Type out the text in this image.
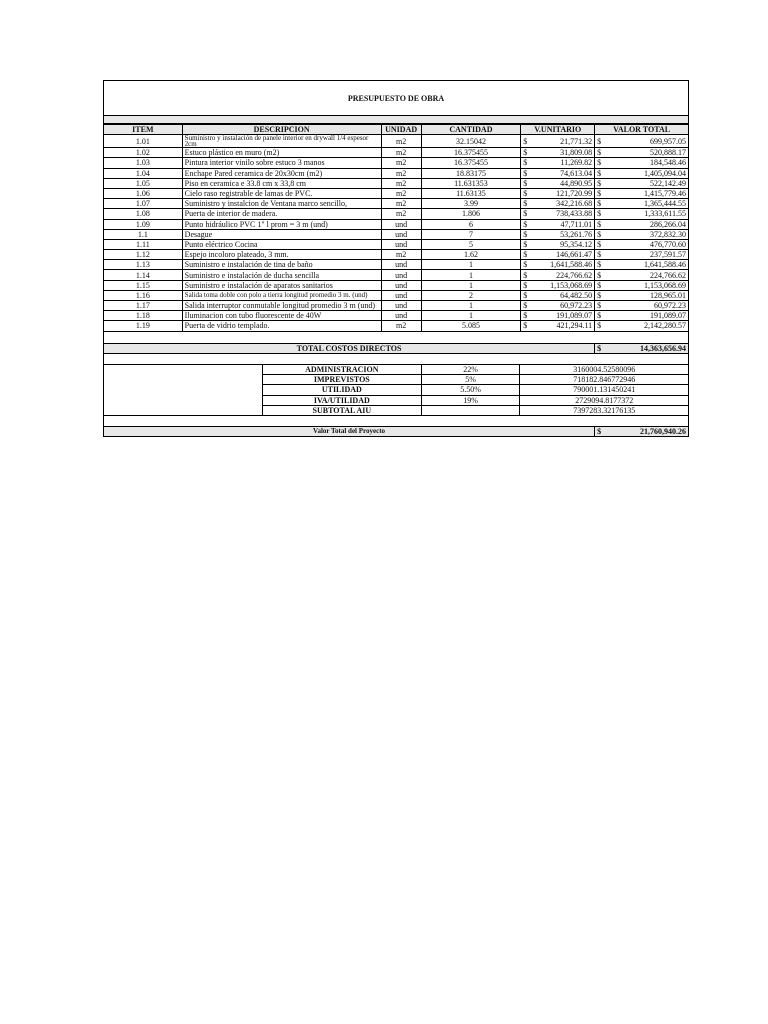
PRESUPUESTO DE OBRA
ITEM	DESCRIPCION	UNIDAD	CANTIDAD	V.UNITARIO	VALOR TOTAL
1.01	Suministro y instalación de panele interior en drywall 1/4 espesor 2cm	m2	32.15042	$ 21,771.32	$ 699,957.05

1.02	Estuco plástico en muro (m2)	m2	16.375455	$ 31,809.08	$ 520,888.17

1.03	Pintura interior vinilo sobre estuco 3 manos	m2	16.375455	$ 11,269.82	$ 184,548.46

1.04	Enchape Pared ceramica de 20x30cm (m2)	m2	18.83175	$ 74,613.04	$ 1,405,094.04

1.05	Piso en ceramica e 33.8 cm x 33,8 cm	m2	11.631353	$ 44,890.95	$ 522,142.49

1.06	Cielo raso registrable de lamas de PVC.	m2	11.63135	$ 121,720.99	$ 1,415,779.46

1.07	Suministro y instalcion de Ventana marco sencillo,	m2	3.99	$ 342,216.68	$ 1,365,444.55

1.08	Puerta de interior de madera.	m2	1.806	$ 738,433.88	$ 1,333,611.55

1.09	Punto hidráulico PVC 1" l prom = 3 m (und)	und	6	$ 47,711.01	$ 286,266.04

1.1	Desague	und	7	$ 53,261.76	$ 372,832.30

1.11	Punto eléctrico Cocina	und	5	$ 95,354.12	$ 476,770.60

1.12	Espejo incoloro plateado, 3 mm.	m2	1.62	$ 146,661.47	$ 237,591.57

1.13	Suministro e instalación de tina de baño	und	1	$ 1,641,588.46	$ 1,641,588.46

1.14	Suministro e instalación de ducha sencilla	und	1	$ 224,766.62	$ 224,766.62

1.15	Suministro e instalación de aparatos sanitarios	und	1	$ 1,153,068.69	$ 1,153,068.69

1.16	Salida toma doble con polo a tierra longitud promedio 3 m. (und)	und	2	$ 64,482.50	$ 128,965.01

1.17	Salida interruptor conmutable longitud promedio 3 m (und)	und	1	$ 60,972.23	$ 60,972.23

1.18	Iluminacion con tubo fluorescente de 40W	und	1	$ 191,089.07	$ 191,089.07

1.19	Puerta de vidrio templado.	m2	5.085	$ 421,294.11	$ 2,142,280.57
TOTAL COSTOS DIRECTOS	$	14,363,656.94
ADMINISTRACION	22%	3160004.52580096
IMPREVISTOS	5%	718182.846772946
UTILIDAD	5.50%	790001.131450241
IVA/UTILIDAD	19%	2729094.8177372
SUBTOTAL AIU		7397283.32176135
Valor Total del Proyecto	$	21,760,940.26
